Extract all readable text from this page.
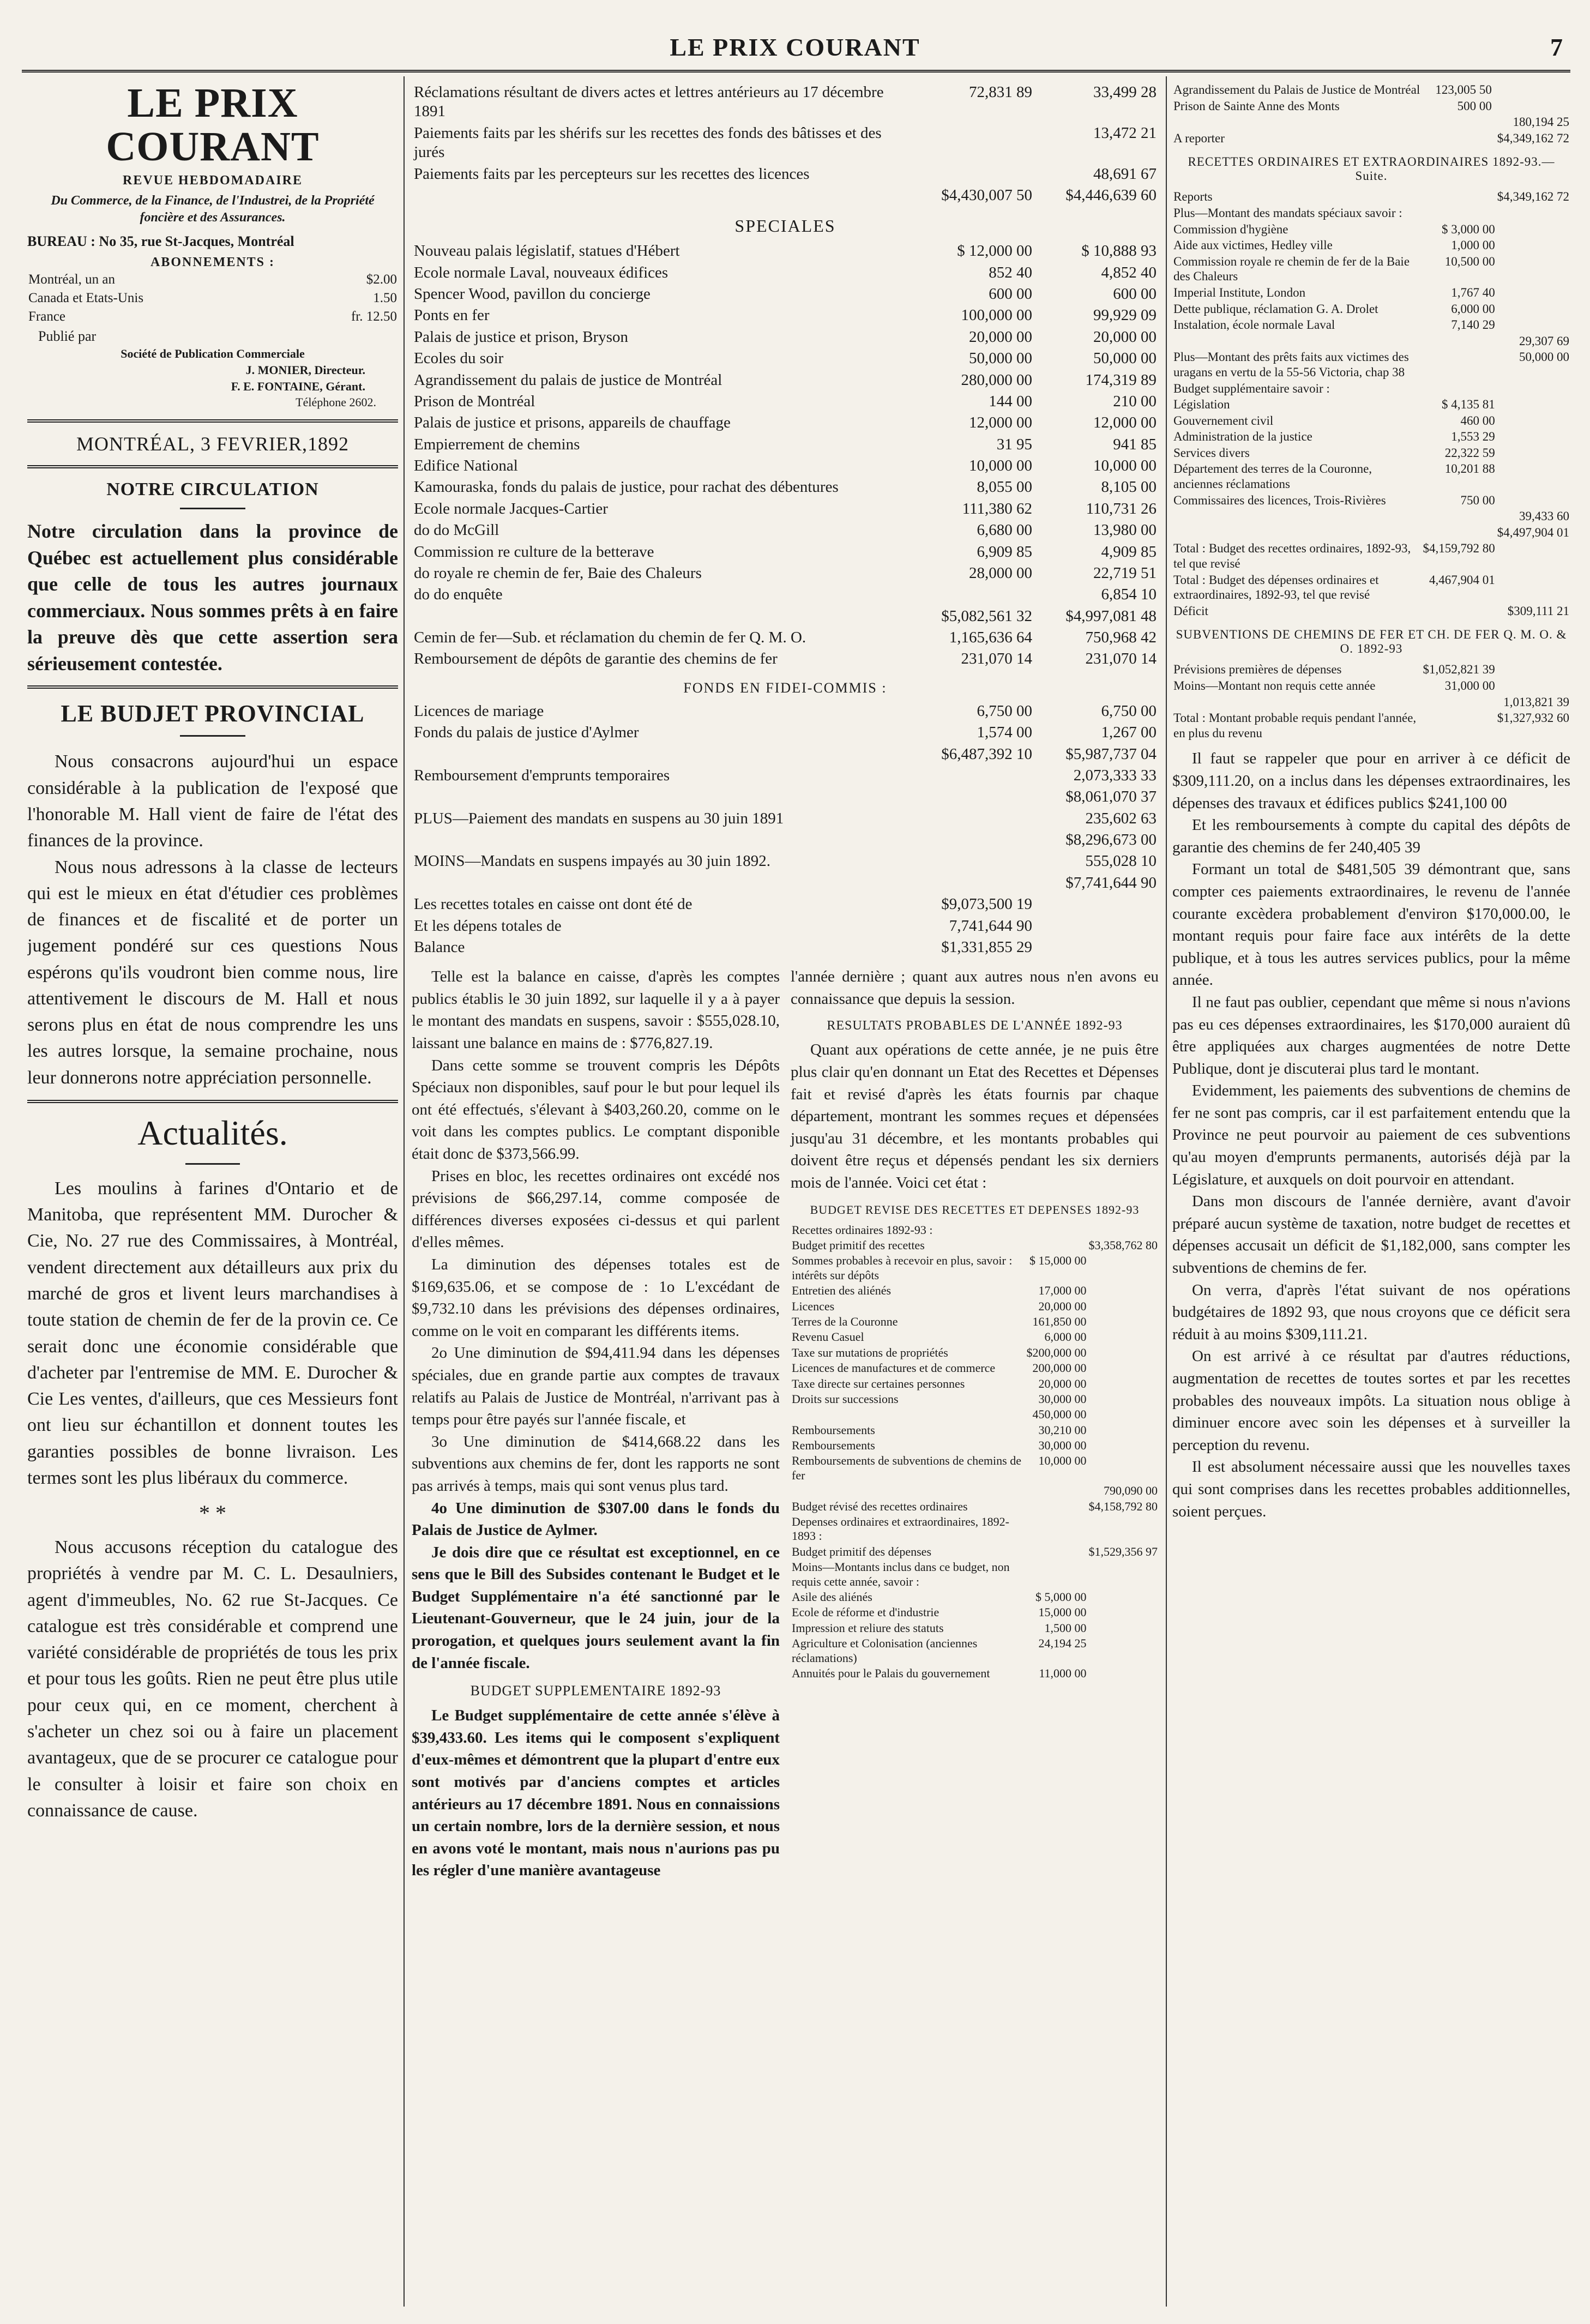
LE PRIX COURANT	7
LE PRIX COURANT
REVUE HEBDOMADAIRE
Du Commerce, de la Finance, de l'Industrei, de la Propriété foncière et des Assurances.
BUREAU : No 35, rue St-Jacques, Montréal
ABONNEMENTS :
Montréal, un an	$2.00
Canada et Etats-Unis	1.50
France	fr. 12.50
Publié par
Société de Publication Commerciale
J. MONIER, Directeur.
F. E. FONTAINE, Gérant.
Téléphone 2602.
MONTRÉAL, 3 FEVRIER,1892
NOTRE CIRCULATION
Notre circulation dans la province de Québec est actuellement plus considérable que celle de tous les autres journaux commerciaux. Nous sommes prêts à en faire la preuve dès que cette assertion sera sérieusement contestée.
LE BUDJET PROVINCIAL

Nous consacrons aujourd'hui un espace considérable à la publication de l'exposé que l'honorable M. Hall vient de faire de l'état des finances de la province.

Nous nous adressons à la classe de lecteurs qui est le mieux en état d'étudier ces problèmes de finances et de fiscalité et de porter un jugement pondéré sur ces questions Nous espérons qu'ils voudront bien comme nous, lire attentivement le discours de M. Hall et nous serons plus en état de nous comprendre les uns les autres lorsque, la semaine prochaine, nous leur donnerons notre appréciation personnelle.

Actualités.

Les moulins à farines d'Ontario et de Manitoba, que représentent MM. Durocher & Cie, No. 27 rue des Commissaires, à Montréal, vendent directement aux détailleurs aux prix du marché de gros et livent leurs marchandises à toute station de chemin de fer de la provin ce. Ce serait donc une économie considérable que d'acheter par l'entremise de MM. E. Durocher & Cie Les ventes, d'ailleurs, que ces Messieurs font ont lieu sur échantillon et donnent toutes les garanties possibles de bonne livraison. Les termes sont les plus libéraux du commerce.

* *

Nous accusons réception du catalogue des propriétés à vendre par M. C. L. Desaulniers, agent d'immeubles, No. 62 rue St-Jacques. Ce catalogue est très considérable et comprend une variété considérable de propriétés de tous les prix et pour tous les goûts. Rien ne peut être plus utile pour ceux qui, en ce moment, cherchent à s'acheter un chez soi ou à faire un placement avantageux, que de se procurer ce catalogue pour le consulter à loisir et faire son choix en connaissance de cause.

Réclamations résultant de divers actes et lettres antérieurs au 17 décembre 1891	72,831 89	33,499 28
Paiements faits par les shérifs sur les recettes des fonds des bâtisses et des jurés		13,472 21
Paiements faits par les percepteurs sur les recettes des licences		48,691 67
	$4,430,007 50	$4,446,639 60
SPECIALES
Nouveau palais législatif, statues d'Hébert	$ 12,000 00	$ 10,888 93
Ecole normale Laval, nouveaux édifices	852 40	4,852 40
Spencer Wood, pavillon du concierge	600 00	600 00
Ponts en fer	100,000 00	99,929 09
Palais de justice et prison, Bryson	20,000 00	20,000 00
Ecoles du soir	50,000 00	50,000 00
Agrandissement du palais de justice de Montréal	280,000 00	174,319 89
Prison de Montréal	144 00	210 00
Palais de justice et prisons, appareils de chauffage	12,000 00	12,000 00
Empierrement de chemins	31 95	941 85
Edifice National	10,000 00	10,000 00
Kamouraska, fonds du palais de justice, pour rachat des débentures	8,055 00	8,105 00
Ecole normale Jacques-Cartier	111,380 62	110,731 26
do do McGill	6,680 00	13,980 00
Commission re culture de la betterave	6,909 85	4,909 85
do royale re chemin de fer, Baie des Chaleurs	28,000 00	22,719 51
do do enquête		6,854 10
	$5,082,561 32	$4,997,081 48
Cemin de fer—Sub. et réclamation du chemin de fer Q. M. O.	1,165,636 64	750,968 42
Remboursement de dépôts de garantie des chemins de fer	231,070 14	231,070 14
FONDS EN FIDEI-COMMIS :
Licences de mariage	6,750 00	6,750 00
Fonds du palais de justice d'Aylmer	1,574 00	1,267 00
	$6,487,392 10	$5,987,737 04
Remboursement d'emprunts temporaires		2,073,333 33
		$8,061,070 37
PLUS—Paiement des mandats en suspens au 30 juin 1891		235,602 63
		$8,296,673 00
MOINS—Mandats en suspens impayés au 30 juin 1892.		555,028 10
		$7,741,644 90
Les recettes totales en caisse ont dont été de	$9,073,500 19	
Et les dépens totales de	7,741,644 90	
Balance	$1,331,855 29	

Telle est la balance en caisse, d'après les comptes publics établis le 30 juin 1892, sur laquelle il y a à payer le montant des mandats en suspens, savoir : $555,028.10, laissant une balance en mains de : $776,827.19.

Dans cette somme se trouvent compris les Dépôts Spéciaux non disponibles, sauf pour le but pour lequel ils ont été effectués, s'élevant à $403,260.20, comme on le voit dans les comptes publics. Le comptant disponible était donc de $373,566.99.

Prises en bloc, les recettes ordinaires ont excédé nos prévisions de $66,297.14, comme composée de différences diverses exposées ci-dessus et qui parlent d'elles mêmes.

La diminution des dépenses totales est de $169,635.06, et se compose de : 1o L'excédant de $9,732.10 dans les prévisions des dépenses ordinaires, comme on le voit en comparant les différents items.

2o Une diminution de $94,411.94 dans les dépenses spéciales, due en grande partie aux comptes de travaux relatifs au Palais de Justice de Montréal, n'arrivant pas à temps pour être payés sur l'année fiscale, et

3o Une diminution de $414,668.22 dans les subventions aux chemins de fer, dont les rapports ne sont pas arrivés à temps, mais qui sont venus plus tard.

4o Une diminution de $307.00 dans le fonds du Palais de Justice de Aylmer.

Je dois dire que ce résultat est exceptionnel, en ce sens que le Bill des Subsides contenant le Budget et le Budget Supplémentaire n'a été sanctionné par le Lieutenant-Gouverneur, que le 24 juin, jour de la prorogation, et quelques jours seulement avant la fin de l'année fiscale.

BUDGET SUPPLEMENTAIRE 1892-93

Le Budget supplémentaire de cette année s'élève à $39,433.60. Les items qui le composent s'expliquent d'eux-mêmes et démontrent que la plupart d'entre eux sont motivés par d'anciens comptes et articles antérieurs au 17 décembre 1891. Nous en connaissions un certain nombre, lors de la dernière session, et nous en avons voté le montant, mais nous n'aurions pas pu les régler d'une manière avantageuse

l'année dernière ; quant aux autres nous n'en avons eu connaissance que depuis la session.

RESULTATS PROBABLES DE L'ANNÉE 1892-93

Quant aux opérations de cette année, je ne puis être plus clair qu'en donnant un Etat des Recettes et Dépenses fait et revisé d'après les états fournis par chaque département, montrant les sommes reçues et dépensées jusqu'au 31 décembre, et les montants probables qui doivent être reçus et dépensés pendant les six derniers mois de l'année. Voici cet état :

BUDGET REVISE DES RECETTES ET DEPENSES 1892-93
Recettes ordinaires 1892-93 :		
Budget primitif des recettes		$3,358,762 80
Sommes probables à recevoir en plus, savoir : intérêts sur dépôts	$ 15,000 00	
Entretien des aliénés	17,000 00	
Licences	20,000 00	
Terres de la Couronne	161,850 00	
Revenu Casuel	6,000 00	
Taxe sur mutations de propriétés	$200,000 00	
Licences de manufactures et de commerce	200,000 00	
Taxe directe sur certaines personnes	20,000 00	
Droits sur successions	30,000 00	
	450,000 00	
Remboursements	30,210 00	
Remboursements	30,000 00	
Remboursements de subventions de chemins de fer	10,000 00	
		790,090 00
Budget révisé des recettes ordinaires		$4,158,792 80
Depenses ordinaires et extraordinaires, 1892-1893 :		
Budget primitif des dépenses		$1,529,356 97
Moins—Montants inclus dans ce budget, non requis cette année, savoir :		
Asile des aliénés	$ 5,000 00	
Ecole de réforme et d'industrie	15,000 00	
Impression et reliure des statuts	1,500 00	
Agriculture et Colonisation (anciennes réclamations)	24,194 25	
Annuités pour le Palais du gouvernement	11,000 00	
Agrandissement du Palais de Justice de Montréal	123,005 50	
Prison de Sainte Anne des Monts	500 00	
		180,194 25
A reporter		$4,349,162 72
RECETTES ORDINAIRES ET EXTRAORDINAIRES 1892-93.—Suite.
Reports		$4,349,162 72
Plus—Montant des mandats spéciaux savoir :		
Commission d'hygiène	$ 3,000 00	
Aide aux victimes, Hedley ville	1,000 00	
Commission royale re chemin de fer de la Baie des Chaleurs	10,500 00	
Imperial Institute, London	1,767 40	
Dette publique, réclamation G. A. Drolet	6,000 00	
Instalation, école normale Laval	7,140 29	
		29,307 69
Plus—Montant des prêts faits aux victimes des uragans en vertu de la 55-56 Victoria, chap 38		50,000 00
Budget supplémentaire savoir :		
Législation	$ 4,135 81	
Gouvernement civil	460 00	
Administration de la justice	1,553 29	
Services divers	22,322 59	
Département des terres de la Couronne, anciennes réclamations	10,201 88	
Commissaires des licences, Trois-Rivières	750 00	
		39,433 60
		$4,497,904 01
Total : Budget des recettes ordinaires, 1892-93, tel que revisé	$4,159,792 80	
Total : Budget des dépenses ordinaires et extraordinaires, 1892-93, tel que revisé	4,467,904 01	
Déficit		$309,111 21
SUBVENTIONS DE CHEMINS DE FER ET CH. DE FER Q. M. O. & O. 1892-93
Prévisions premières de dépenses	$1,052,821 39	
Moins—Montant non requis cette année	31,000 00	
		1,013,821 39
Total : Montant probable requis pendant l'année, en plus du revenu		$1,327,932 60

Il faut se rappeler que pour en arriver à ce déficit de $309,111.20, on a inclus dans les dépenses extraordinaires, les dépenses des travaux et édifices publics $241,100 00

Et les remboursements à compte du capital des dépôts de garantie des chemins de fer 240,405 39

Formant un total de $481,505 39 démontrant que, sans compter ces paiements extraordinaires, le revenu de l'année courante excèdera probablement d'environ $170,000.00, le montant requis pour faire face aux intérêts de la dette publique, et à tous les autres services publics, pour la même année.

Il ne faut pas oublier, cependant que même si nous n'avions pas eu ces dépenses extraordinaires, les $170,000 auraient dû être appliquées aux charges augmentées de notre Dette Publique, dont je discuterai plus tard le montant.

Evidemment, les paiements des subventions de chemins de fer ne sont pas compris, car il est parfaitement entendu que la Province ne peut pourvoir au paiement de ces subventions qu'au moyen d'emprunts permanents, autorisés déjà par la Législature, et auxquels on doit pourvoir en attendant.

Dans mon discours de l'année dernière, avant d'avoir préparé aucun système de taxation, notre budget de recettes et dépenses accusait un déficit de $1,182,000, sans compter les subventions de chemins de fer.

On verra, d'après l'état suivant de nos opérations budgétaires de 1892 93, que nous croyons que ce déficit sera réduit à au moins $309,111.21.

On est arrivé à ce résultat par d'autres réductions, augmentation de recettes de toutes sortes et par les recettes probables des nouveaux impôts. La situation nous oblige à diminuer encore avec soin les dépenses et à surveiller la perception du revenu.

Il est absolument nécessaire aussi que les nouvelles taxes qui sont comprises dans les recettes probables additionnelles, soient perçues.
